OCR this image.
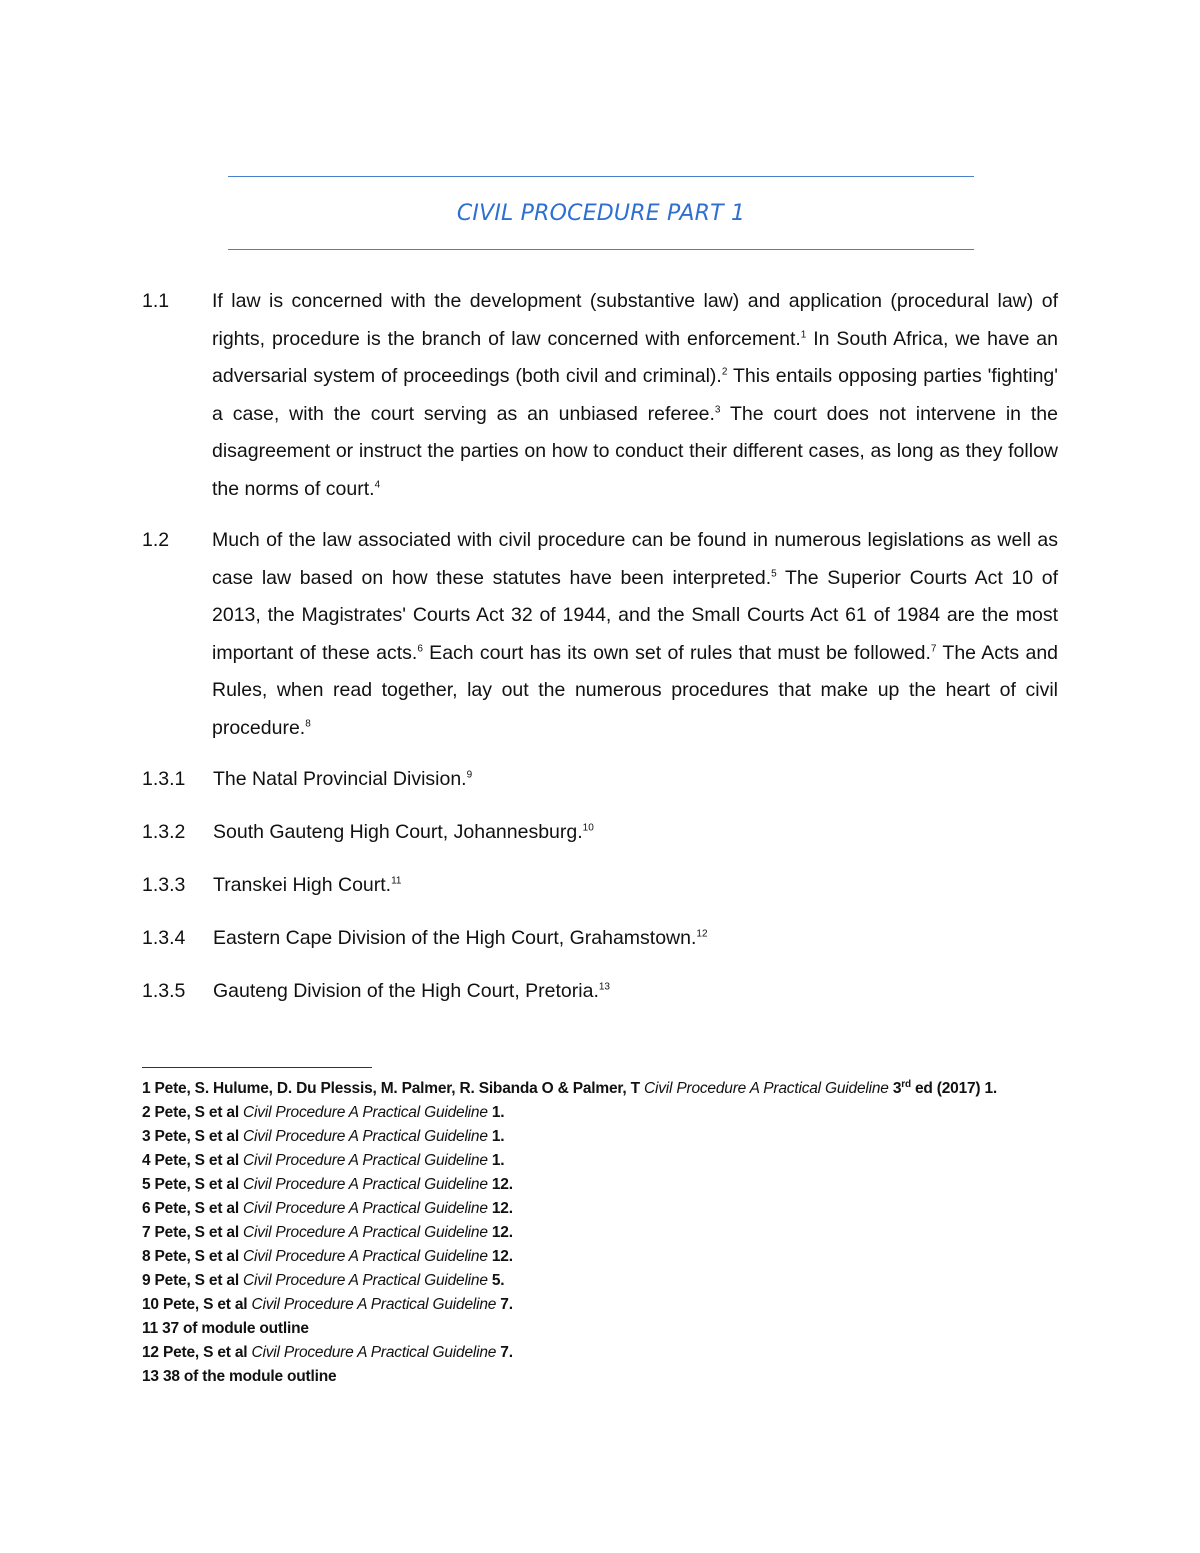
CIVIL PROCEDURE PART 1
1.1 If law is concerned with the development (substantive law) and application (procedural law) of rights, procedure is the branch of law concerned with enforcement.$^1$ In South Africa, we have an adversarial system of proceedings (both civil and criminal).$^2$ This entails opposing parties 'fighting' a case, with the court serving as an unbiased referee.$^3$ The court does not intervene in the disagreement or instruct the parties on how to conduct their different cases, as long as they follow the norms of court.$^4$
1.2 Much of the law associated with civil procedure can be found in numerous legislations as well as case law based on how these statutes have been interpreted.$^5$ The Superior Courts Act 10 of 2013, the Magistrates' Courts Act 32 of 1944, and the Small Courts Act 61 of 1984 are the most important of these acts.$^6$ Each court has its own set of rules that must be followed.$^7$ The Acts and Rules, when read together, lay out the numerous procedures that make up the heart of civil procedure.$^8$
1.3.1 The Natal Provincial Division.$^9$
1.3.2 South Gauteng High Court, Johannesburg.$^{10}$
1.3.3 Transkei High Court.$^{11}$
1.3.4 Eastern Cape Division of the High Court, Grahamstown.$^{12}$
1.3.5 Gauteng Division of the High Court, Pretoria.$^{13}$
1 Pete, S. Hulume, D. Du Plessis, M. Palmer, R. Sibanda O & Palmer, T Civil Procedure A Practical Guideline 3rd ed (2017) 1.
2 Pete, S et al Civil Procedure A Practical Guideline 1.
3 Pete, S et al Civil Procedure A Practical Guideline 1.
4 Pete, S et al Civil Procedure A Practical Guideline 1.
5 Pete, S et al Civil Procedure A Practical Guideline 12.
6 Pete, S et al Civil Procedure A Practical Guideline 12.
7 Pete, S et al Civil Procedure A Practical Guideline 12.
8 Pete, S et al Civil Procedure A Practical Guideline 12.
9 Pete, S et al Civil Procedure A Practical Guideline 5.
10 Pete, S et al Civil Procedure A Practical Guideline 7.
11 37 of module outline
12 Pete, S et al Civil Procedure A Practical Guideline 7.
13 38 of the module outline
